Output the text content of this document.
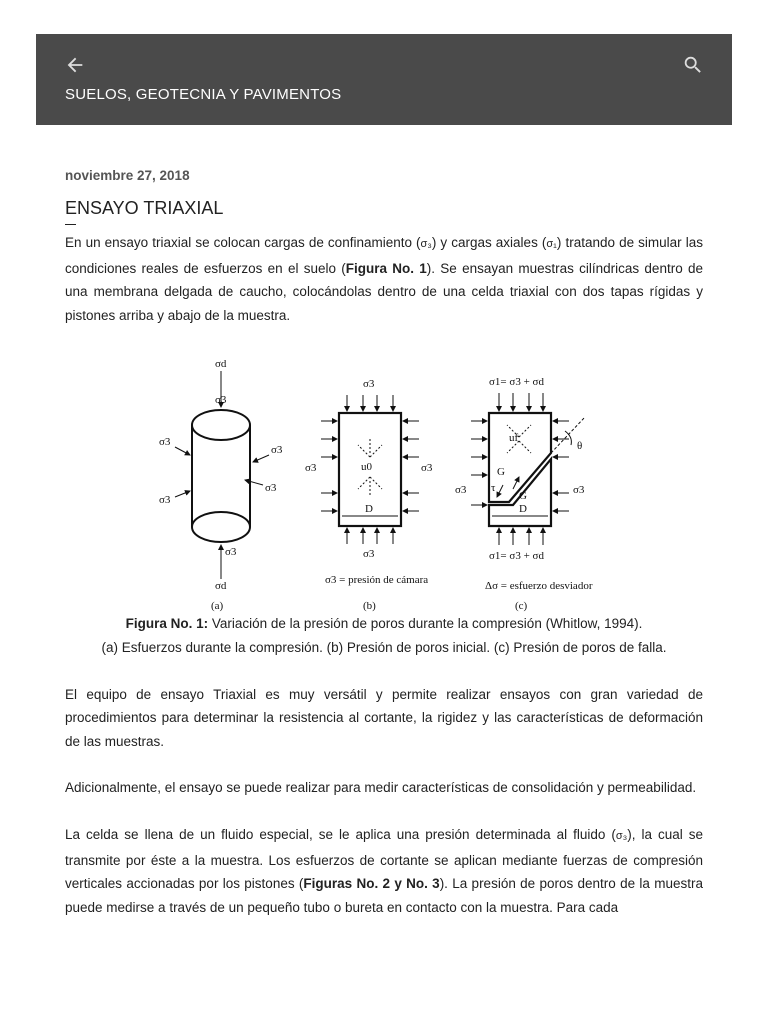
SUELOS, GEOTECNIA Y PAVIMENTOS
noviembre 27, 2018
ENSAYO TRIAXIAL

En un ensayo triaxial se colocan cargas de confinamiento (σ₃) y cargas axiales (σ₁) tratando de simular las condiciones reales de esfuerzos en el suelo (Figura No. 1). Se ensayan muestras cilíndricas dentro de una membrana delgada de caucho, colocándolas dentro de una celda triaxial con dos tapas rígidas y pistones arriba y abajo de la muestra.

σd
σ3
σ3
σ3
σ3
σ3
σ3
σd
(a)
σ3
σ3	σ3
u0
D
σ3
σ3 = presión de cámara
(b)
σ1= σ3 + σd
uf
θ
G
G
τ
σ3	σ3
D
σ1= σ3 + σd
Δσ = esfuerzo desviador
(c)

Figura No. 1: Variación de la presión de poros durante la compresión (Whitlow, 1994).

(a) Esfuerzos durante la compresión. (b) Presión de poros inicial. (c) Presión de poros de falla.

El equipo de ensayo Triaxial es muy versátil y permite realizar ensayos con gran variedad de procedimientos para determinar la resistencia al cortante, la rigidez y las características de deformación de las muestras.

Adicionalmente, el ensayo se puede realizar para medir características de consolidación y permeabilidad.

La celda se llena de un fluido especial, se le aplica una presión determinada al fluido (σ₃), la cual se transmite por éste a la muestra. Los esfuerzos de cortante se aplican mediante fuerzas de compresión verticales accionadas por los pistones (Figuras No. 2 y No. 3). La presión de poros dentro de la muestra puede medirse a través de un pequeño tubo o bureta en contacto con la muestra. Para cada
